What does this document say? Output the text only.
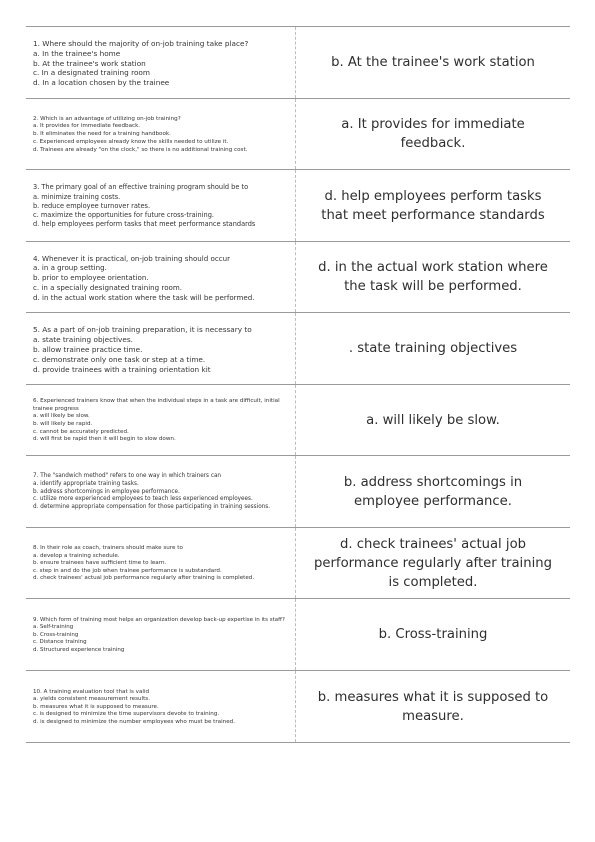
1. Where should the majority of on-job training take place?
a. In the trainee's home
b. At the trainee's work station
c. In a designated training room
d. In a location chosen by the trainee
b. At the trainee's work station
2. Which is an advantage of utilizing on-job training?
a. It provides for immediate feedback.
b. It eliminates the need for a training handbook.
c. Experienced employees already know the skills needed to utilize it.
d. Trainees are already "on the clock," so there is no additional training cost.
a. It provides for immediate feedback.
3. The primary goal of an effective training program should be to
a. minimize training costs.
b. reduce employee turnover rates.
c. maximize the opportunities for future cross-training.
d. help employees perform tasks that meet performance standards
d. help employees perform tasks that meet performance standards
4. Whenever it is practical, on-job training should occur
a. in a group setting.
b. prior to employee orientation.
c. in a specially designated training room.
d. in the actual work station where the task will be performed.
d. in the actual work station where the task will be performed.
5. As a part of on-job training preparation, it is necessary to
a. state training objectives.
b. allow trainee practice time.
c. demonstrate only one task or step at a time.
d. provide trainees with a training orientation kit
. state training objectives
6. Experienced trainers know that when the individual steps in a task are difficult, initial trainee progress
a. will likely be slow.
b. will likely be rapid.
c. cannot be accurately predicted.
d. will first be rapid then it will begin to slow down.
a. will likely be slow.
7. The "sandwich method" refers to one way in which trainers can
a. identify appropriate training tasks.
b. address shortcomings in employee performance.
c. utilize more experienced employees to teach less experienced employees.
d. determine appropriate compensation for those participating in training sessions.
b. address shortcomings in employee performance.
8. In their role as coach, trainers should make sure to
a. develop a training schedule.
b. ensure trainees have sufficient time to learn.
c. step in and do the job when trainee performance is substandard.
d. check trainees' actual job performance regularly after training is completed.
d. check trainees' actual job performance regularly after training is completed.
9. Which form of training most helps an organization develop back-up expertise in its staff?
a. Self-training
b. Cross-training
c. Distance training
d. Structured experience training
b. Cross-training
10. A training evaluation tool that is valid
a. yields consistent measurement results.
b. measures what it is supposed to measure.
c. is designed to minimize the time supervisors devote to training.
d. is designed to minimize the number employees who must be trained.
b. measures what it is supposed to measure.
